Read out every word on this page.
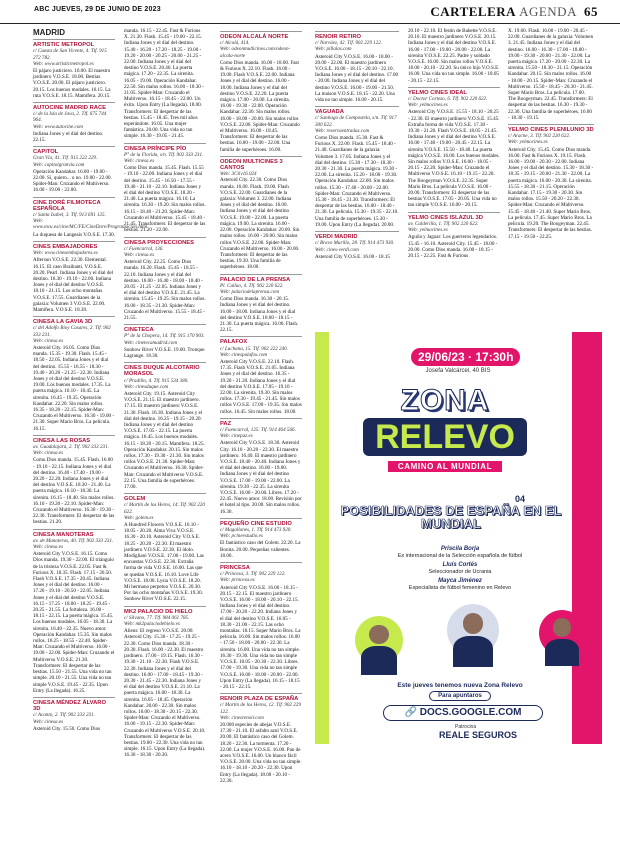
ABC JUEVES, 29 DE JUNIO DE 2023	CARTELERA AGENDA 65
MADRID
ARTISTIC METROPOL
c/ Cuesta de San Vicente, 4. Tlf. 915 272 782.
Web: www.artisticmetropol.es
El pájaro justiciero. 16.00. El maestro jardinero V.O.S.E. 18.00. Bestias V.O.S.E. 20.00. El pájaro justiciero. 20.15. Los buenos modales. 16.15. La ruta V.O.S.E. 18.15. Mamífera. 20.15.
AUTOCINE MADRID RACE
c/ de la Isla de Java, 2. Tlf. 675 744 964.
Web: www.autocine.com
Indiana Jones y el dial del destino. 22.15.
CAPITOL
Gran Vía, 41. Tlf. 915 222 229.
Web: capitolgranvia.com
Operación Kandahar. 16.00 - 19.00 - 22.00. Sí, quiero... o no. 19.00 - 22.00. Spider-Man: Cruzando el Multiverso. 16.00 - 19.00 - 22.00.
CINE DORÉ FILMOTECA ESPAÑOLA
c/ Santa Isabel, 3. Tlf. 913 691 125.
Web: www.mcu.es/cine/MC/FE/CineDore/Programacion.html
La duquesa de Langeais V.O.S.E. 17.30.
CINES EMBAJADORES
Web: www.cinesembajadores.es
Aftersun V.O.S.E. 22.30. Elemental. 16.15. El caso Braibanti. V.O.S.E. 20.20. Pearl. Indiana Jones y el dial del destino. 16.30 - 19.10 - 22.00. Indiana Jones y el dial del destino V.O.S.E. 18.10 - 21.15. Los ocho montañas V.O.S.E. 17.55. Guardianes de la galaxia: Volumen 3 V.O.S.E. 22.00. Mamífera. V.O.S.E. 18.30.
CINESA LA GAVIA 3D
c/ del Adolfo Bioy Casares, 2. Tlf. 902 333 231.
Web: cinesa.es
Asteroid City. 16.05. Como Dios manda. 15.35 - 19.30. Flash. 15.45 - 18.50 - 22.05. Indiana Jones y el dial del destino. 15.55 - 16.55 - 18.30 - 19.40 - 20.20 - 21.25 - 22.30. Indiana Jones y el dial del destino V.O.S.E. 19.00. Los buenos modales. 17.35. La puerta mágica. 16.10 - 18.45. La sirenita. 16.45 - 19.35. Operación Kandahar. 22.20. Sin malos rollos. 16.35 - 18.20 - 22.15. Spider-Man: Cruzando el Multiverso. 16.30 - 19.00 - 21.30. Super Mario Bros. La película. 16.15.
CINESA LAS ROSAS
av. Guadalajara, 2. Tlf. 902 333 231.
Web: cinesa.es
Como Dios manda. 15.45. Flash. 16.00 - 19.10 - 22.15. Indiana Jones y el dial del destino. 16.40 - 17.40 - 19.00 - 20.20 - 22.20. Indiana Jones y el dial del destino V.O.S.E. 18.30 - 21.40. La puerta mágica. 16.10 - 18.30. La sirenita. 16.15 - 18.40. Sin malos rollos. 16.10 - 19.20 - 22.10. Spider-Man: Cruzando el Multiverso. 16.30 - 19.30 - 22.30. Transformers: El despertar de las bestias. 21.20.
CINESA MANOTERAS
av. de Manoteras, 40. Tlf. 902 333 231.
Web: cinesa.es
Asteroid City V.O.S.E. 16.15. Como Dios manda. 19.30 - 22.00. El triángulo de la tristeza V.O.S.E. 22.05. Fast & Furious X. 18.35. Flash. 17.15 - 20.50. Flash V.O.S.E. 17.35 - 20.45. Indiana Jones y el dial del destino. 16.00 - 17.20 - 19.10 - 20.50 - 22.05. Indiana Jones y el dial del destino V.O.S.E. 16.15 - 17.25 - 18.00 - 18.25 - 19.45 - 20.25 - 21.55. La fortaleza. 16.00 - 18.15 - 22.15. La puerta mágica. 15.45. Los buenos modales. 16.05 - 18.30. La sirenita. 16.40 - 22.35. Nuevo amor. Operación Kandahar. 15.35. Sin malos rollos. 16.25 - 18.55 - 22.40. Spider-Man: Cruzando el Multiverso. 16.00 - 19.00 - 22.00. Spider-Man: Cruzando el Multiverso V.O.S.E. 21.30. Transformers: El despertar de las bestias. 15.50 - 21.55. Una vida no tan simple. 20.10 - 21.55. Una vida no tan simple V.O.S.E. 19.45 - 22.35. Upon Entry (La llegada). 16.25.
CINESA MÉNDEZ ÁLVARO 3D
c/ Acanto, 2. Tlf. 902 333 231.
Web: cinesa.es
Asteroid City. 15.50. Como Dios
manda. 16.15 - 22.45. Fast & Furious X. 21.30. Flash. 15.45 - 19.00 - 22.15. Indiana Jones y el dial del destino. 15.40 - 16.20 - 17.20 - 18.25 - 19.00 - 19.20 - 20.00 - 20.25 - 20.00 - 21.25 - 22.00. Indiana Jones y el dial del destino V.O.S.E. 20.40. La puerta mágica. 17.20 - 22.35. La sirenita. 16.05 - 19.00. Operación Kandahar. 22.50. Sin malos rollos. 16.00 - 18.30 - 21.05. Spider-Man: Cruzando el Multiverso. 16.15 - 18.45 - 22.00. Un éxito. Upon Entry (La llegada). 18.00. Transformers: El despertar de las bestias. 15.45 - 18.45. Tres mil años esperándote. 16.05. Una mujer fantástica. 20.00. Una vida no tan simple. 16.30 - 19.05 - 21.45.
CINESA PRÍNCIPE PÍO
P° de la Florida, s/n. Tlf. 902 333 231.
Web: cinesa.es
Como Dios manda. 15.45. Flash. 15.55 - 19.10 - 22.00. Indiana Jones y el dial del destino. 15.45 - 16.50 - 17.55 - 19.40 - 21.10 - 22.10. Indiana Jones y el dial del destino V.O.S.E. 18.20 - 21.40. La puerta mágica. 16.10. La sirenita. 16.30 - 19.20. Sin malos rollos. 16.15 - 18.40 - 21.20. Spider-Man: Cruzando el Multiverso. 15.45 - 18.40 - 21.45. Transformers: El despertar de las bestias. 21.20 - 22.00.
CINESA PROYECCIONES
c/ Fuencarral, 136.
Web: cinesa.es
Asteroid City. 22.25. Como Dios manda. 16.20. Flash. 15.45 - 18.55 - 22.10. Indiana Jones y el dial del destino. 16.00 - 16.40 - 18.00 - 18.40 - 20.05 - 21.25 - 22.05. Indiana Jones y el dial del destino V.O.S.E. 21.45. La sirenita. 15.45 - 19.25. Sin malos rollos. 16.00 - 18.35 - 21.30. Spider-Man: Cruzando el Multiverso. 15.55 - 18.45 - 21.55.
CINETECA
P° de la Chopera, 14. Tlf. 915 170 903.
Web: cinetecamadrid.com
Sunbow River V.O.S.E. 19.00. Tronque Lagrange. 18.30.
CINES DUQUE ALCOTARIO MORASOL
c/ Pradillo, 4. Tlf. 915 534 380.
Web: cinesduque.com
Asteroid City. 19.15. Asteroid City V.O.S.E. 21.15. El maestro jardinero. 17.15. El maestro jardinero V.O.S.E. 21.30. Flash. 16.30. Indiana Jones y el dial del destino. 16.25 - 19.15 - 20.20. Indiana Jones y el dial del destino V.O.S.E. 17.05 - 22.15. La puerta mágica. 16.45. Los buenos modales. 16.15 - 18.20 - 20.15. Mamífera. 18.25. Operación Kandahar. 20.15. Sin malos rollos. 17.30 - 19.30 - 21.30. Sin malos rollos V.O.S.E. 21.30. Spider-Man: Cruzando el Multiverso. 16.30. Spider-Man: Cruzando el Multiverso V.O.S.E. 22.15. Una familia de superhéroes. 17.00.
GOLEM
c/ Martín de los Heros, 14. Tlf. 902 220 622.
Web: golem.es
A Hundred Flowers V.O.S.E. 16.10 - 18.05 - 20.20. Alma Viva V.O.S.E. 16.30 - 20.10. Asteroid City V.O.S.E. 18.25 - 20.20 - 22.30. El maestro jardinero V.O.S.E. 22.30. El ídolo. Modigliani V.O.S.E. 17.00 - 19.00. Las encuestas V.O.S.E. 22.30. Extraña forma de vida V.O.S.E. 16.00. Las que se quedan V.O.S.E. 16.10. Love Life V.O.S.E. 18.00. Lysia V.O.S.E. 18.20. Mi hermano perpetuo V.O.S.E. 20.30. Por las ocho montañas V.O.S.E. 19.30. Sunbow River V.O.S.E. 22.15.
MK2 PALACIO DE HIELO
c/ Silvano, 77. Tlf. 984 061 785.
Web: mk2palaciodehielo.es
Aliens: El regreso V.O.S.E. 20.00. Asteroid City. 15.30 - 17.25 - 19.25 - 22.30. Como Dios manda. 18.30 - 20.30. Flash. 16.00 - 22.30. El maestro jardinero. 17.00 - 19.15. Flash. 16.30 - 19.30 - 21.10 - 22.30. Flash V.O.S.E. 22.30. Indiana Jones y el dial del destino. 16.00 - 17.00 - 18.45 - 19.30 - 20.30 - 21.45 - 22.30. Indiana Jones y el dial del destino V.O.S.E. 21.10. La puerta mágica. 16.00 - 18.30. La sirenita. 16.05 - 18.45. Operación Kandahar. 20.00 - 22.30. Sin malos rollos. 16.00 - 18.30 - 20.15 - 22.30. Spider-Man: Cruzando el Multiverso. 16.00 - 19.15 - 22.30. Spider-Man: Cruzando el Multiverso V.O.S.E. 20.10. Transformers: El despertar de las bestias. 19.00 - 22.30. Una vida no tan simple. 16.15. Upon Entry (La llegada). 16.30 - 18.30 - 20.30.
ODEON ALCALÁ NORTE
c/ Alcalá, 414.
Web: odeonmulticines.com/odeon-alcala-norte
Como Dios manda. 16.00 - 18.00. Fast & Furious X. 22.10. Flash. 16.00 - 19.00. Flash V.O.S.E. 22.00. Indiana Jones y el dial del destino. 16.00 - 18.00. Indiana Jones y el dial del destino V.O.S.E. 22.20. La puerta mágica. 17.00 - 20.00. La sirenita. 16.00 - 19.30 - 22.00. Operación Kandahar. 22.30. Sin malos rollos. 16.00 - 18.00 - 20.00. Sin malos rollos V.O.S.E. 22.00. Spider-Man: Cruzando el Multiverso. 16.00 - 18.45. Transformers: El despertar de las bestias. 16.00 - 19.00 - 22.00. Una familia de superhéroes. 16.00.
ODEON MULTICINES 3 CANTOS
Web: 3Ctiv16.024
Asteroid City. 22.30. Como Dios manda. 16.00. Flash. 19.00. Flash V.O.S.E. 22.00. Guardianes de la galaxia: Volumen 3. 22.00. Indiana Jones y el dial del destino. 16.00. Indiana Jones y el dial del destino V.O.S.E. 19.00 - 22.00. La puerta mágica. 19.00. La sirenita. 16.00 - 22.00. Operación Kandahar. 20.00. Sin malos rollos. 16.00 - 20.00. Sin malos rollos V.O.S.E. 22.00. Spider-Man: Cruzando el Multiverso. 16.00 - 20.00. Transformers: El despertar de las bestias. 19.30. Una familia de superhéroes. 18.00.
PALACIO DE LA PRENSA
Pl. Callao, 4. Tlf. 902 220 622.
Web: palaciodelaprensa.com
Como Dios manda. 16.30 - 20.15. Indiana Jones y el dial del destino. 16.00 - 18.00. Indiana Jones y el dial del destino V.O.S.E. 18.00 - 18.15 - 21.30. La puerta mágica. 16.00. Flash. 22.15.
PALAFOX
c/ Luchana, 15. Tlf. 902 222 240.
Web: cinespalafox.com
Asteroid City V.O.S.E. 22.10. Flash. 17.35. Flash V.O.S.E. 21.05. Indiana Jones y el dial del destino. 16.35 - 19.20 - 21.20. Indiana Jones y el dial del destino V.O.S.E. 17.05 - 19.10 - 22.00. La sirenita. 19.30. Sin malos rollos. 17.30 - 19.45 - 21.45. Sin malos rollos V.O.S.E. 17.00 - 19.35. Sin malos rollos. 16.45. Sin malos rollos. 18.00.
PAZ
c/ Fuencarral, 125. Tlf. 914 464 566.
Web: cinepaz.es
Asteroid City V.O.S.E. 18.30. Asteroid City. 16.10 - 20.20 - 22.30. El maestro jardinero. 16.40. El maestro jardinero V.O.S.E. 18.40 - 20.40. Indiana Jones y el dial del destino. 16.00 - 19.00. Indiana Jones y el dial del destino V.O.S.E. 17.00 - 19.00 - 22.00. La sirenita. 19.30 - 22.35. La sirenita V.O.S.E. 16.00 - 20.00. Libres. 17.20 - 22.45. Nuevo amor. 18.00. Revisión por el hotel al tipo. 20.00. Sin malos rollos. 16.30.
PEQUEÑO CINE ESTUDIO
c/ Magallanes, 1. Tlf. 914 473 920.
Web: pcineestudio.es
El fantástico caso del Golem. 22.20. La Bonita. 20.00. Pequeñas valientes. 18.00.
PRINCESA
c/ Princesa, 3. Tlf. 902 229 122.
Web: princesa.es
Asteroid City V.O.S.E. 16.00 - 18.15 - 20.15 - 22.15. El maestro jardinero V.O.S.E. 16.00 - 18.00 - 20.10 - 22.15. Indiana Jones y el dial del destino. 17.00 - 20.20 - 22.20. Indiana Jones y el dial del destino V.O.S.E. 16.05 - 18.30 - 21.00 - 22.15. Las ocho montañas. 18.15. Super Mario Bros. La película. 16.00. Sin malos rollos. 16.00 - 17.50 - 18.00 - 20.00 - 22.30. La sirenita. 16.00. Una vida no tan simple. 16.30 - 19.30. Una vida no tan simple V.O.S.E. 18.05 - 20.30 - 22.30. Libres. 17.00 - 19.30. Una vida no tan simple V.O.S.E. 16.00 - 18.00 - 20.00 - 22.00. Upon Entry (La llegada). 16.15 - 18.15 - 20.15 - 22.15.
RENOIR PLAZA DE ESPAÑA
c/ Martín de los Heros, 12. Tlf. 902 229 122.
Web: cinesrenoir.com
20.000 especies de abejas V.O.S.E. 17.30 - 21.10. El asfalto azul V.O.S.E. 20.00. El fantástico caso del Golem. 18.20 - 22.30. La tormenta. 17.20 - 22.00. La mujer V.O.S.E. 16.00. Pan de acero V.O.S.E. 16.00. Un blanco fácil V.O.S.E. 20.00. Una vida no tan simple. 16.10 - 18.10 - 20.20 - 22.30. Upon Entry (La llegada). 18.00 - 20.10 - 22.30.
RENOIR RETIRO
c/ Narváez, 42. Tlf. 902 229 122.
Web: pillalas.com
Asteroid City V.O.S.E. 16.00 - 18.00 - 20.00 - 22.00. El maestro jardinero V.O.S.E. 16.00 - 18.15 - 20.10 - 22.10. Indiana Jones y el dial del destino. 17.00 - 20.00. Indiana Jones y el dial del destino V.O.S.E. 16.00 - 19.00 - 21.50. La maison V.O.S.E. 18.15 - 22.20. Una vida no tan simple. 16.00 - 20.15.
VAGUADA
c/ Santiago de Compostela, s/n. Tlf. 917 300 622.
Web: reservaentradas.com
Como Dios manda. 15.30. Fast & Furious X. 22.00. Flash. 15.45 - 18.40 - 21.40. Guardianes de la galaxia: Volumen 3. 17.05. Indiana Jones y el dial del destino. 15.30 - 17.30 - 18.30 - 20.30 - 21.30. La puerta mágica. 19.30 - 22.00. La sirenita. 15.20 - 18.00 - 19.30. Operación Kandahar. 22.00. Sin malos rollos. 15.30 - 17.40 - 20.00 - 22.00. Spider-Man: Cruzando el Multiverso. 15.30 - 18.45 - 21.30. Transformers: El despertar de las bestias. 16.00 - 18.40 - 21.30. La película. 15.30 - 19.35 - 22.10. Una familia de superhéroes. 15.30 - 19.00. Upon Entry (La llegada). 20.00.
VERDI MADRID
c/ Bravo Murillo, 28. Tlf. 914 473 930.
Web: cines-verdi.com
Asteroid City V.O.S.E. 16.00 - 18.15
20.10 - 22.10. El festín de Babette V.O.S.E. 20.10. El maestro jardinero V.O.S.E. 20.15. Indiana Jones y el dial del destino V.O.S.E. 16.00 - 17.00 - 19.00 - 20.00 - 22.00. La sirenita V.O.S.E. 22.25. Padre y soldado V.O.S.E. 16.00. Sin malos rollos V.O.S.E. 18.00 - 20.10 - 22.20. Su único hijo V.O.S.E. 16.00. Una vida no tan simple. 16.00 - 18.05 - 20.15 - 22.15.
YELMO CINES IDEAL
c/ Doctor Cortezo, 6. Tlf. 902 220 622.
Web: yelmocines.es
Asteroid City V.O.S.E. 15.55 - 18.10 - 20.25 - 22.30. El maestro jardinero V.O.S.E. 15.45. Extraña forma de vida V.O.S.E. 17.30 - 19.30 - 21.20. Flash V.O.S.E. 18.05 - 21.45. Indiana Jones y el dial del destino V.O.S.E. 16.00 - 17.40 - 19.00 - 20.45 - 22.15. La sirenita V.O.S.E. 15.50 - 18.40. La puerta mágica V.O.S.E. 16.00. Los buenos modales. Sin malos rollos V.O.S.E. 16.00 - 18.05 - 20.15 - 22.20. Spider-Man: Cruzando el Multiverso V.O.S.E. 16.10 - 19.15 - 22.20. The Boogeyman V.O.S.E. 22.35. Super Mario Bros. La película V.O.S.E. 16.00 - 20.00. Transformers: El despertar de las bestias V.O.S.E. 17.05 - 20.05. Una vida no tan simple V.O.S.E. 16.00 - 20.15.
YELMO CINES ISLAZUL 3D
av. Calderilla, 1. Tlf. 902 220 622.
Web: yelmocines.es
Aguila y Jaguar: Los guerreros legendarios. 15.45 - 16.10. Asteroid City. 15.45 - 18.00 - 20.00. Como Dios manda. 16.00 - 18.15 - 20.15 - 22.25. Fast & Furious
X. 19.00. Flash. 16.00 - 19.00 - 20.45 - 22.00. Guardianes de la galaxia: Volumen 3. 21.45. Indiana Jones y el dial del destino. 16.00 - 16.30 - 17.00 - 18.00 - 19.00 - 19.30 - 20.00 - 21.30 - 22.00. La puerta mágica. 17.20 - 20.00 - 22.30. La sirenita. 15.50 - 18.30 - 21.15. Operación Kandahar. 20.15. Sin malos rollos. 16.00 - 18.00 - 20.15. Spider-Man: Cruzando el Multiverso. 15.50 - 18.45 - 20.30 - 21.45. Super Mario Bros. La película. 17.00. The Boogeyman. 22.45. Transformers: El despertar de las bestias. 16.30 - 19.30 - 22.30. Una familia de superhéroes. 16.00 - 18.30 - 19.15.
YELMO CINES PLENILUNIO 3D
c/ Aracne, 3. Tlf. 902 220 622.
Web: yelmocines.es
Asteroid City. 15.45. Como Dios manda. 16.00. Fast & Furious X. 19.15. Flash. 16.00 - 19.00 - 20.30 - 22.00. Indiana Jones y el dial del destino. 15.30 - 18.30 - 18.35 - 19.15 - 20.00 - 21.30 - 22.00. La puerta mágica. 16.00 - 20.30. La sirenita. 15.55 - 18.30 - 21.15. Operación Kandahar. 17.15 - 19.30 - 20.30. Sin malos rollos. 15.50 - 20.20 - 22.30. Spider-Man: Cruzando el Multiverso. 15.45 - 18.40 - 21.40. Super Mario Bros. La película. 17.45. Super Mario Bros. La película. 19.20. The Boogeyman. 22.45. Transformers: El despertar de las bestias. 17.15 - 19.50 - 22.25.
29/06/23 · 17:30h
Josefa Valcárcel, 40 BIS
ZONA
RELEVO
CAMINO AL MUNDIAL
04
POSIBILIDADES DE ESPAÑA EN EL MUNDIAL

Priscila Borja
Ex internacional de la Selección española de fútbol

Lluís Cortés
Seleccionador de Ucrania

Mayca Jiménez
Especialista de fútbol femenino en Relevo

Este jueves tenemos nueva Zona Relevo
Para apuntaros
🔗 DOCS.GOOGLE.COM
Patrocina
REALE SEGUROS
